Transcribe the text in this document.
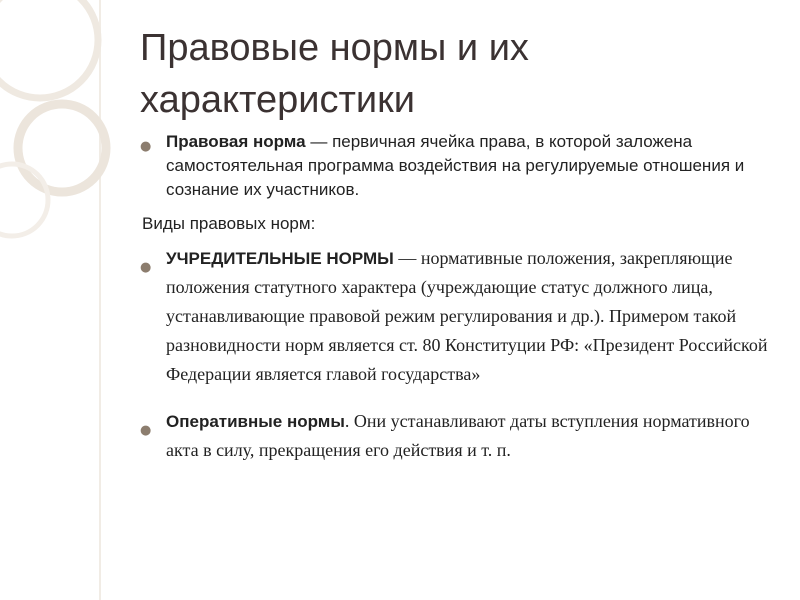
Правовые нормы и их характеристики
● Правовая норма — первичная ячейка права, в которой заложена самостоятельная программа воздействия на регулируемые отношения и сознание их участников.
Виды правовых норм:
● УЧРЕДИТЕЛЬНЫЕ НОРМЫ — нормативные положения, закрепляющие положения статутного характера (учреждающие статус должного лица, устанавливающие правовой режим регулирования и др.). Примером такой разновидности норм является ст. 80 Конституции РФ: «Президент Российской Федерации является главой государства»
● Оперативные нормы. Они устанавливают даты вступления нормативного акта в силу, прекращения его действия и т. п.
